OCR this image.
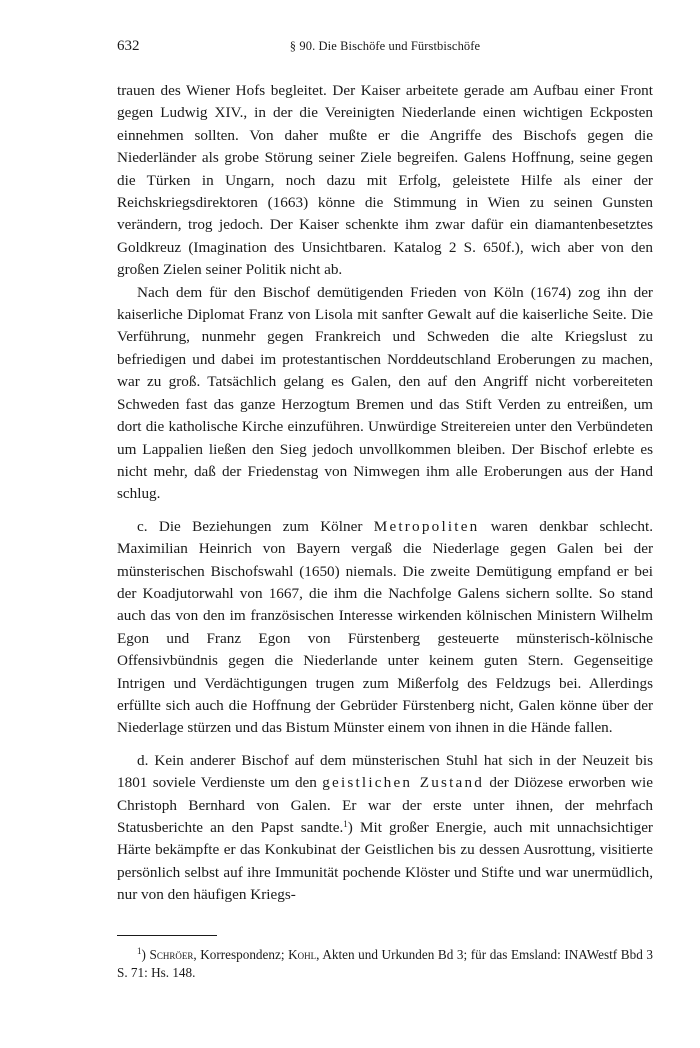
632	§ 90. Die Bischöfe und Fürstbischöfe

trauen des Wiener Hofs begleitet. Der Kaiser arbeitete gerade am Aufbau einer Front gegen Ludwig XIV., in der die Vereinigten Niederlande einen wichtigen Eckposten einnehmen sollten. Von daher mußte er die Angriffe des Bischofs gegen die Niederländer als grobe Störung seiner Ziele begreifen. Galens Hoffnung, seine gegen die Türken in Ungarn, noch dazu mit Erfolg, geleistete Hilfe als einer der Reichskriegsdirektoren (1663) könne die Stimmung in Wien zu seinen Gunsten verändern, trog jedoch. Der Kaiser schenkte ihm zwar dafür ein diamantenbesetztes Goldkreuz (Imagination des Unsichtbaren. Katalog 2 S. 650f.), wich aber von den großen Zielen seiner Politik nicht ab.

Nach dem für den Bischof demütigenden Frieden von Köln (1674) zog ihn der kaiserliche Diplomat Franz von Lisola mit sanfter Gewalt auf die kaiserliche Seite. Die Verführung, nunmehr gegen Frankreich und Schweden die alte Kriegslust zu befriedigen und dabei im protestantischen Norddeutschland Eroberungen zu machen, war zu groß. Tatsächlich gelang es Galen, den auf den Angriff nicht vorbereiteten Schweden fast das ganze Herzogtum Bremen und das Stift Verden zu entreißen, um dort die katholische Kirche einzuführen. Unwürdige Streitereien unter den Verbündeten um Lappalien ließen den Sieg jedoch unvollkommen bleiben. Der Bischof erlebte es nicht mehr, daß der Friedenstag von Nimwegen ihm alle Eroberungen aus der Hand schlug.

c. Die Beziehungen zum Kölner Metropoliten waren denkbar schlecht. Maximilian Heinrich von Bayern vergaß die Niederlage gegen Galen bei der münsterischen Bischofswahl (1650) niemals. Die zweite Demütigung empfand er bei der Koadjutorwahl von 1667, die ihm die Nachfolge Galens sichern sollte. So stand auch das von den im französischen Interesse wirkenden kölnischen Ministern Wilhelm Egon und Franz Egon von Fürstenberg gesteuerte münsterisch-kölnische Offensivbündnis gegen die Niederlande unter keinem guten Stern. Gegenseitige Intrigen und Verdächtigungen trugen zum Mißerfolg des Feldzugs bei. Allerdings erfüllte sich auch die Hoffnung der Gebrüder Fürstenberg nicht, Galen könne über der Niederlage stürzen und das Bistum Münster einem von ihnen in die Hände fallen.

d. Kein anderer Bischof auf dem münsterischen Stuhl hat sich in der Neuzeit bis 1801 soviele Verdienste um den geistlichen Zustand der Diözese erworben wie Christoph Bernhard von Galen. Er war der erste unter ihnen, der mehrfach Statusberichte an den Papst sandte.$^1$) Mit großer Energie, auch mit unnachsichtiger Härte bekämpfte er das Konkubinat der Geistlichen bis zu dessen Ausrottung, visitierte persönlich selbst auf ihre Immunität pochende Klöster und Stifte und war unermüdlich, nur von den häufigen Kriegs-

$^1$) Schröer, Korrespondenz; Kohl, Akten und Urkunden Bd 3; für das Emsland: INAWestf Bbd 3 S. 71: Hs. 148.
